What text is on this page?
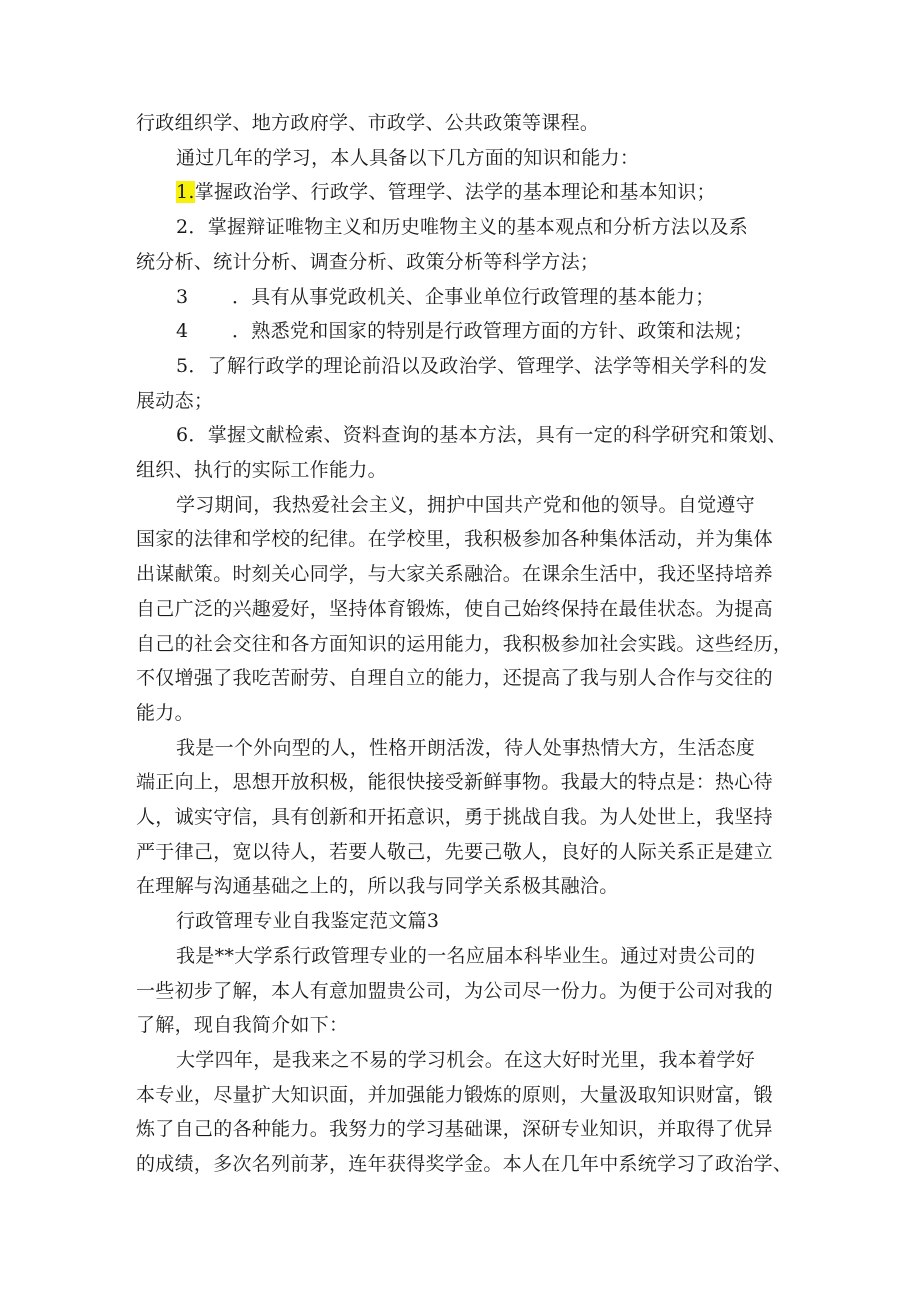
行政组织学、地方政府学、市政学、公共政策等课程。
通过几年的学习，本人具备以下几方面的知识和能力：
1.掌握政治学、行政学、管理学、法学的基本理论和基本知识；
2．掌握辩证唯物主义和历史唯物主义的基本观点和分析方法以及系
统分析、统计分析、调查分析、政策分析等科学方法；
3 ．具有从事党政机关、企事业单位行政管理的基本能力；
4 ．熟悉党和国家的特别是行政管理方面的方针、政策和法规；
5．了解行政学的理论前沿以及政治学、管理学、法学等相关学科的发
展动态；
6．掌握文献检索、资料查询的基本方法，具有一定的科学研究和策划、
组织、执行的实际工作能力。
学习期间，我热爱社会主义，拥护中国共产党和他的领导。自觉遵守
国家的法律和学校的纪律。在学校里，我积极参加各种集体活动，并为集体
出谋献策。时刻关心同学，与大家关系融洽。在课余生活中，我还坚持培养
自己广泛的兴趣爱好，坚持体育锻炼，使自己始终保持在最佳状态。为提高
自己的社会交往和各方面知识的运用能力，我积极参加社会实践。这些经历，
不仅增强了我吃苦耐劳、自理自立的能力，还提高了我与别人合作与交往的
能力。
我是一个外向型的人，性格开朗活泼，待人处事热情大方，生活态度
端正向上，思想开放积极，能很快接受新鲜事物。我最大的特点是：热心待
人，诚实守信，具有创新和开拓意识，勇于挑战自我。为人处世上，我坚持
严于律己，宽以待人，若要人敬己，先要己敬人，良好的人际关系正是建立
在理解与沟通基础之上的，所以我与同学关系极其融洽。
行政管理专业自我鉴定范文篇3
我是**大学系行政管理专业的一名应届本科毕业生。通过对贵公司的
一些初步了解，本人有意加盟贵公司，为公司尽一份力。为便于公司对我的
了解，现自我简介如下：
大学四年，是我来之不易的学习机会。在这大好时光里，我本着学好
本专业，尽量扩大知识面，并加强能力锻炼的原则，大量汲取知识财富，锻
炼了自己的各种能力。我努力的学习基础课，深研专业知识，并取得了优异
的成绩，多次名列前茅，连年获得奖学金。本人在几年中系统学习了政治学、
